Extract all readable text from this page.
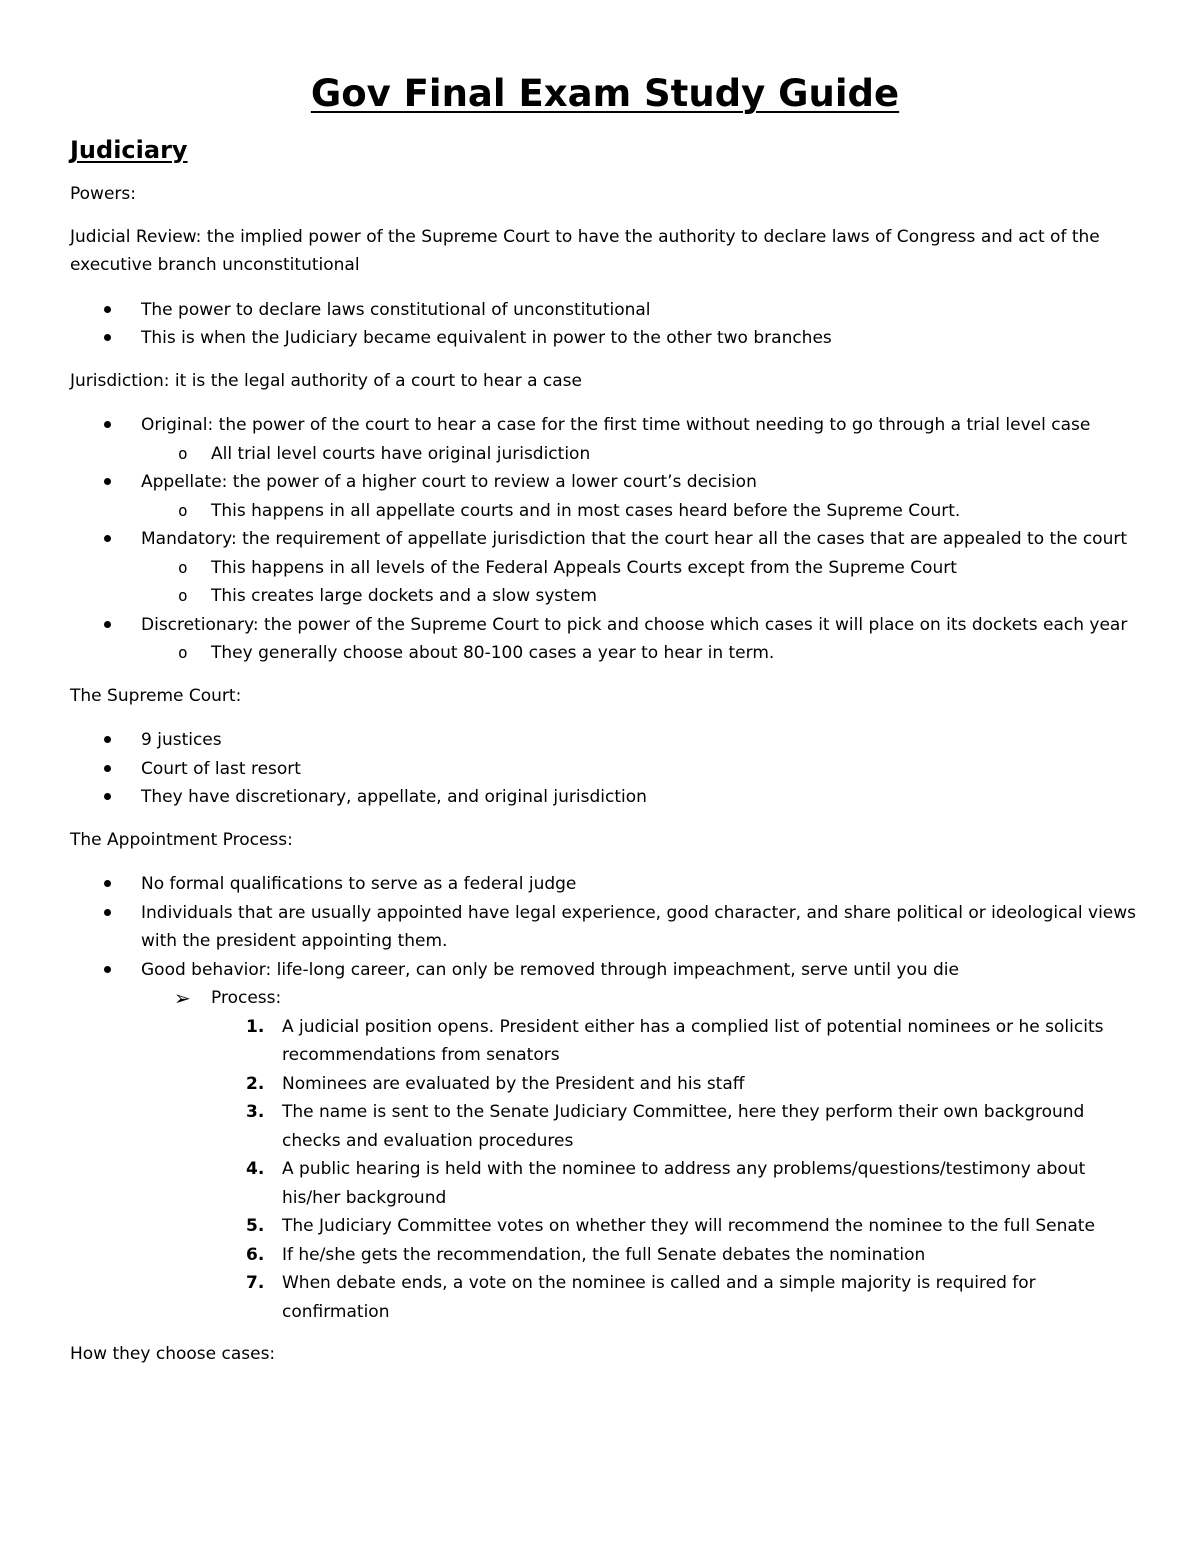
Gov Final Exam Study Guide
Judiciary

Powers:

Judicial Review: the implied power of the Supreme Court to have the authority to declare laws of Congress and act of the executive branch unconstitutional

The power to declare laws constitutional of unconstitutional
This is when the Judiciary became equivalent in power to the other two branches

Jurisdiction: it is the legal authority of a court to hear a case

Original: the power of the court to hear a case for the first time without needing to go through a trial level case
o	All trial level courts have original jurisdiction
Appellate: the power of a higher court to review a lower court’s decision
o	This happens in all appellate courts and in most cases heard before the Supreme Court.
Mandatory: the requirement of appellate jurisdiction that the court hear all the cases that are appealed to the court
o	This happens in all levels of the Federal Appeals Courts except from the Supreme Court
o	This creates large dockets and a slow system
Discretionary: the power of the Supreme Court to pick and choose which cases it will place on its dockets each year
o	They generally choose about 80-100 cases a year to hear in term.

The Supreme Court:

9 justices
Court of last resort
They have discretionary, appellate, and original jurisdiction

The Appointment Process:

No formal qualifications to serve as a federal judge
Individuals that are usually appointed have legal experience, good character, and share political or ideological views with the president appointing them.
Good behavior: life-long career, can only be removed through impeachment, serve until you die
➢ Process:
1. A judicial position opens. President either has a complied list of potential nominees or he solicits recommendations from senators
2. Nominees are evaluated by the President and his staff
3. The name is sent to the Senate Judiciary Committee, here they perform their own background checks and evaluation procedures
4. A public hearing is held with the nominee to address any problems/questions/testimony about his/her background
5. The Judiciary Committee votes on whether they will recommend the nominee to the full Senate
6. If he/she gets the recommendation, the full Senate debates the nomination
7. When debate ends, a vote on the nominee is called and a simple majority is required for confirmation

How they choose cases:
